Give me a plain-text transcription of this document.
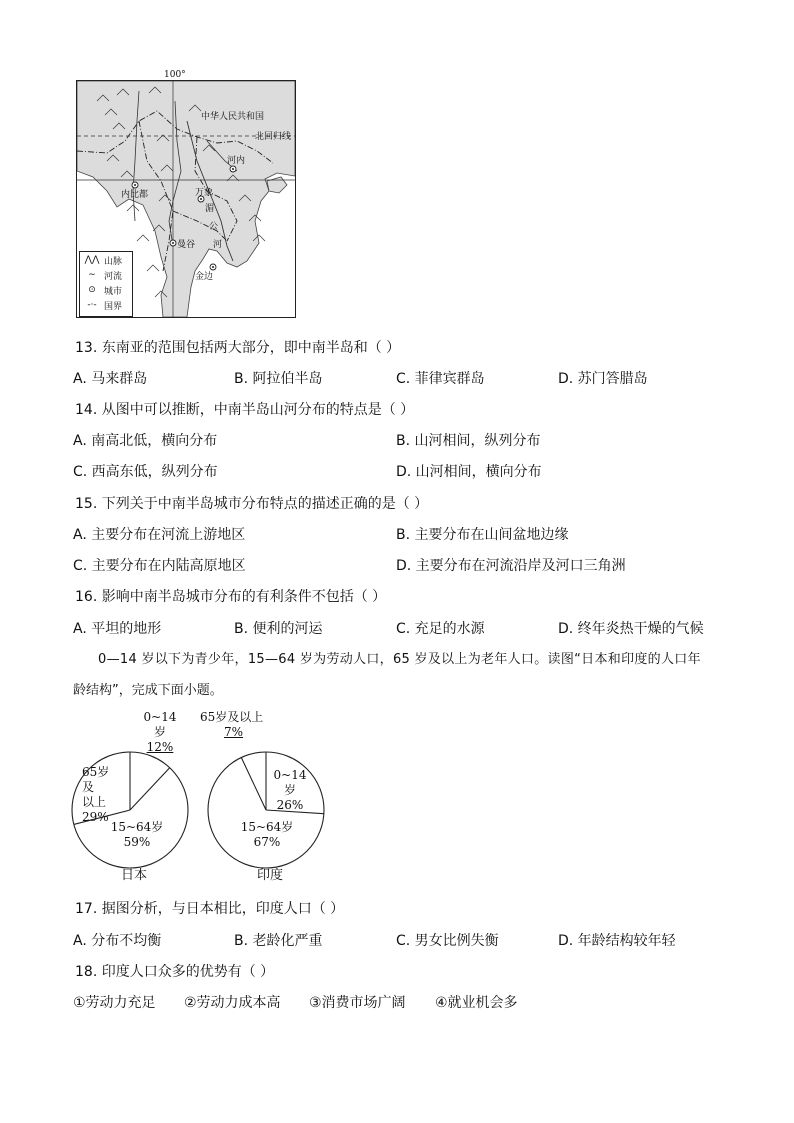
100°
中华人民共和国
北回归线
河内
内比都	万象
湄
公
河
曼谷
金边
⋀⋀ 山脉
∼ 河流
⊙ 城市
-·- 国界
13. 东南亚的范围包括两大部分，即中南半岛和（ ）
A. 马来群岛	B. 阿拉伯半岛	C. 菲律宾群岛	D. 苏门答腊岛
14. 从图中可以推断，中南半岛山河分布的特点是（ ）
A. 南高北低，横向分布	B. 山河相间，纵列分布
C. 西高东低，纵列分布	D. 山河相间，横向分布
15. 下列关于中南半岛城市分布特点的描述正确的是（ ）
A. 主要分布在河流上游地区	B. 主要分布在山间盆地边缘
C. 主要分布在内陆高原地区	D. 主要分布在河流沿岸及河口三角洲
16. 影响中南半岛城市分布的有利条件不包括（ ）
A. 平坦的地形	B. 便利的河运	C. 充足的水源	D. 终年炎热干燥的气候
0—14 岁以下为青少年，15—64 岁为劳动人口，65 岁及以上为老年人口。读图“日本和印度的人口年
龄结构”，完成下面小题。
0~14岁
12%
65岁及
以上
29%
15~64岁
59%
日本
65岁及以上
7%
0~14岁
26%
15~64岁
67%
印度
17. 据图分析，与日本相比，印度人口（ ）
A. 分布不均衡	B. 老龄化严重	C. 男女比例失衡	D. 年龄结构较年轻
18. 印度人口众多的优势有（ ）
①劳动力充足 ②劳动力成本高 ③消费市场广阔 ④就业机会多
